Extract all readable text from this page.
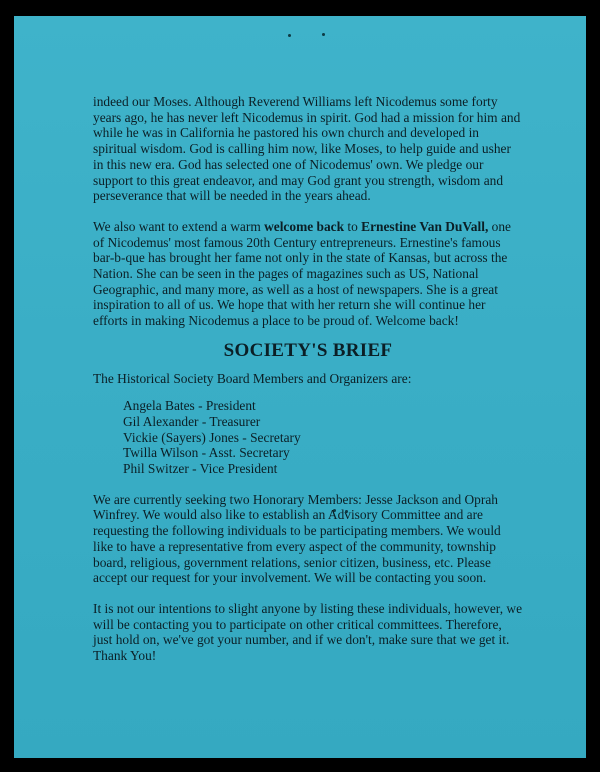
indeed our Moses. Although Reverend Williams left Nicodemus some forty years ago, he has never left Nicodemus in spirit. God had a mission for him and while he was in California he pastored his own church and developed in spiritual wisdom. God is calling him now, like Moses, to help guide and usher in this new era. God has selected one of Nicodemus' own. We pledge our support to this great endeavor, and may God grant you strength, wisdom and perseverance that will be needed in the years ahead.

We also want to extend a warm welcome back to Ernestine Van DuVall, one of Nicodemus' most famous 20th Century entrepreneurs. Ernestine's famous bar-b-que has brought her fame not only in the state of Kansas, but across the Nation. She can be seen in the pages of magazines such as US, National Geographic, and many more, as well as a host of newspapers. She is a great inspiration to all of us. We hope that with her return she will continue her efforts in making Nicodemus a place to be proud of. Welcome back!

SOCIETY'S BRIEF

The Historical Society Board Members and Organizers are:

Angela Bates - President
Gil Alexander - Treasurer
Vickie (Sayers) Jones - Secretary
Twilla Wilson - Asst. Secretary
Phil Switzer - Vice President

We are currently seeking two Honorary Members: Jesse Jackson and Oprah Winfrey. We would also like to establish an Advisory Committee and are requesting the following individuals to be participating members. We would like to have a representative from every aspect of the community, township board, religious, government relations, senior citizen, business, etc. Please accept our request for your involvement. We will be contacting you soon.

It is not our intentions to slight anyone by listing these individuals, however, we will be contacting you to participate on other critical committees. Therefore, just hold on, we've got your number, and if we don't, make sure that we get it. Thank You!
